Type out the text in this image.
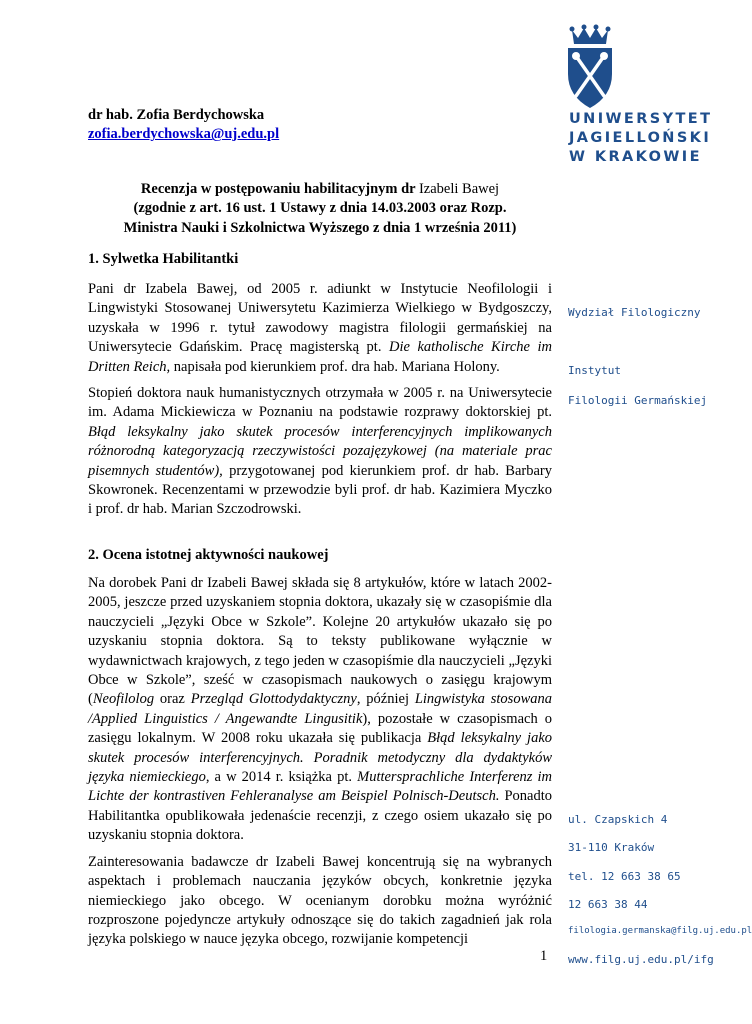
UNIWERSYTET
JAGIELLOŃSKI
W KRAKOWIE
dr hab. Zofia Berdychowska
zofia.berdychowska@uj.edu.pl
Recenzja w postępowaniu habilitacyjnym dr Izabeli Bawej
(zgodnie z art. 16 ust. 1 Ustawy z dnia 14.03.2003 oraz Rozp.
Ministra Nauki i Szkolnictwa Wyższego z dnia 1 września 2011)
1. Sylwetka Habilitantki

Pani dr Izabela Bawej, od 2005 r. adiunkt w Instytucie Neofilologii i Lingwistyki Stosowanej Uniwersytetu Kazimierza Wielkiego w Bydgoszczy, uzyskała w 1996 r. tytuł zawodowy magistra filologii germańskiej na Uniwersytecie Gdańskim. Pracę magisterską pt. Die katholische Kirche im Dritten Reich, napisała pod kierunkiem prof. dra hab. Mariana Holony.

Stopień doktora nauk humanistycznych otrzymała w 2005 r. na Uniwersytecie im. Adama Mickiewicza w Poznaniu na podstawie rozprawy doktorskiej pt. Błąd leksykalny jako skutek procesów interferencyjnych implikowanych różnorodną kategoryzacją rzeczywistości pozajęzykowej (na materiale prac pisemnych studentów), przygotowanej pod kierunkiem prof. dr hab. Barbary Skowronek. Recenzentami w przewodzie byli prof. dr hab. Kazimiera Myczko i prof. dr hab. Marian Szczodrowski.

2. Ocena istotnej aktywności naukowej

Na dorobek Pani dr Izabeli Bawej składa się 8 artykułów, które w latach 2002-2005, jeszcze przed uzyskaniem stopnia doktora, ukazały się w czasopiśmie dla nauczycieli „Języki Obce w Szkole”. Kolejne 20 artykułów ukazało się po uzyskaniu stopnia doktora. Są to teksty publikowane wyłącznie w wydawnictwach krajowych, z tego jeden w czasopiśmie dla nauczycieli „Języki Obce w Szkole”, sześć w czasopismach naukowych o zasięgu krajowym (Neofilolog oraz Przegląd Glottodydaktyczny, później Lingwistyka stosowana /Applied Linguistics / Angewandte Lingusitik), pozostałe w czasopismach o zasięgu lokalnym. W 2008 roku ukazała się publikacja Błąd leksykalny jako skutek procesów interferencyjnych. Poradnik metodyczny dla dydaktyków języka niemieckiego, a w 2014 r. książka pt. Muttersprachliche Interferenz im Lichte der kontrastiven Fehleranalyse am Beispiel Polnisch-Deutsch. Ponadto Habilitantka opublikowała jedenaście recenzji, z czego osiem ukazało się po uzyskaniu stopnia doktora.

Zainteresowania badawcze dr Izabeli Bawej koncentrują się na wybranych aspektach i problemach nauczania języków obcych, konkretnie języka niemieckiego jako obcego. W ocenianym dorobku można wyróżnić rozproszone pojedyncze artykuły odnoszące się do takich zagadnień jak rola języka polskiego w nauce języka obcego, rozwijanie kompetencji

1
Wydział Filologiczny
Instytut
Filologii Germańskiej
ul. Czapskich 4
31-110 Kraków
tel. 12 663 38 65
12 663 38 44
filologia.germanska@filg.uj.edu.pl
www.filg.uj.edu.pl/ifg
